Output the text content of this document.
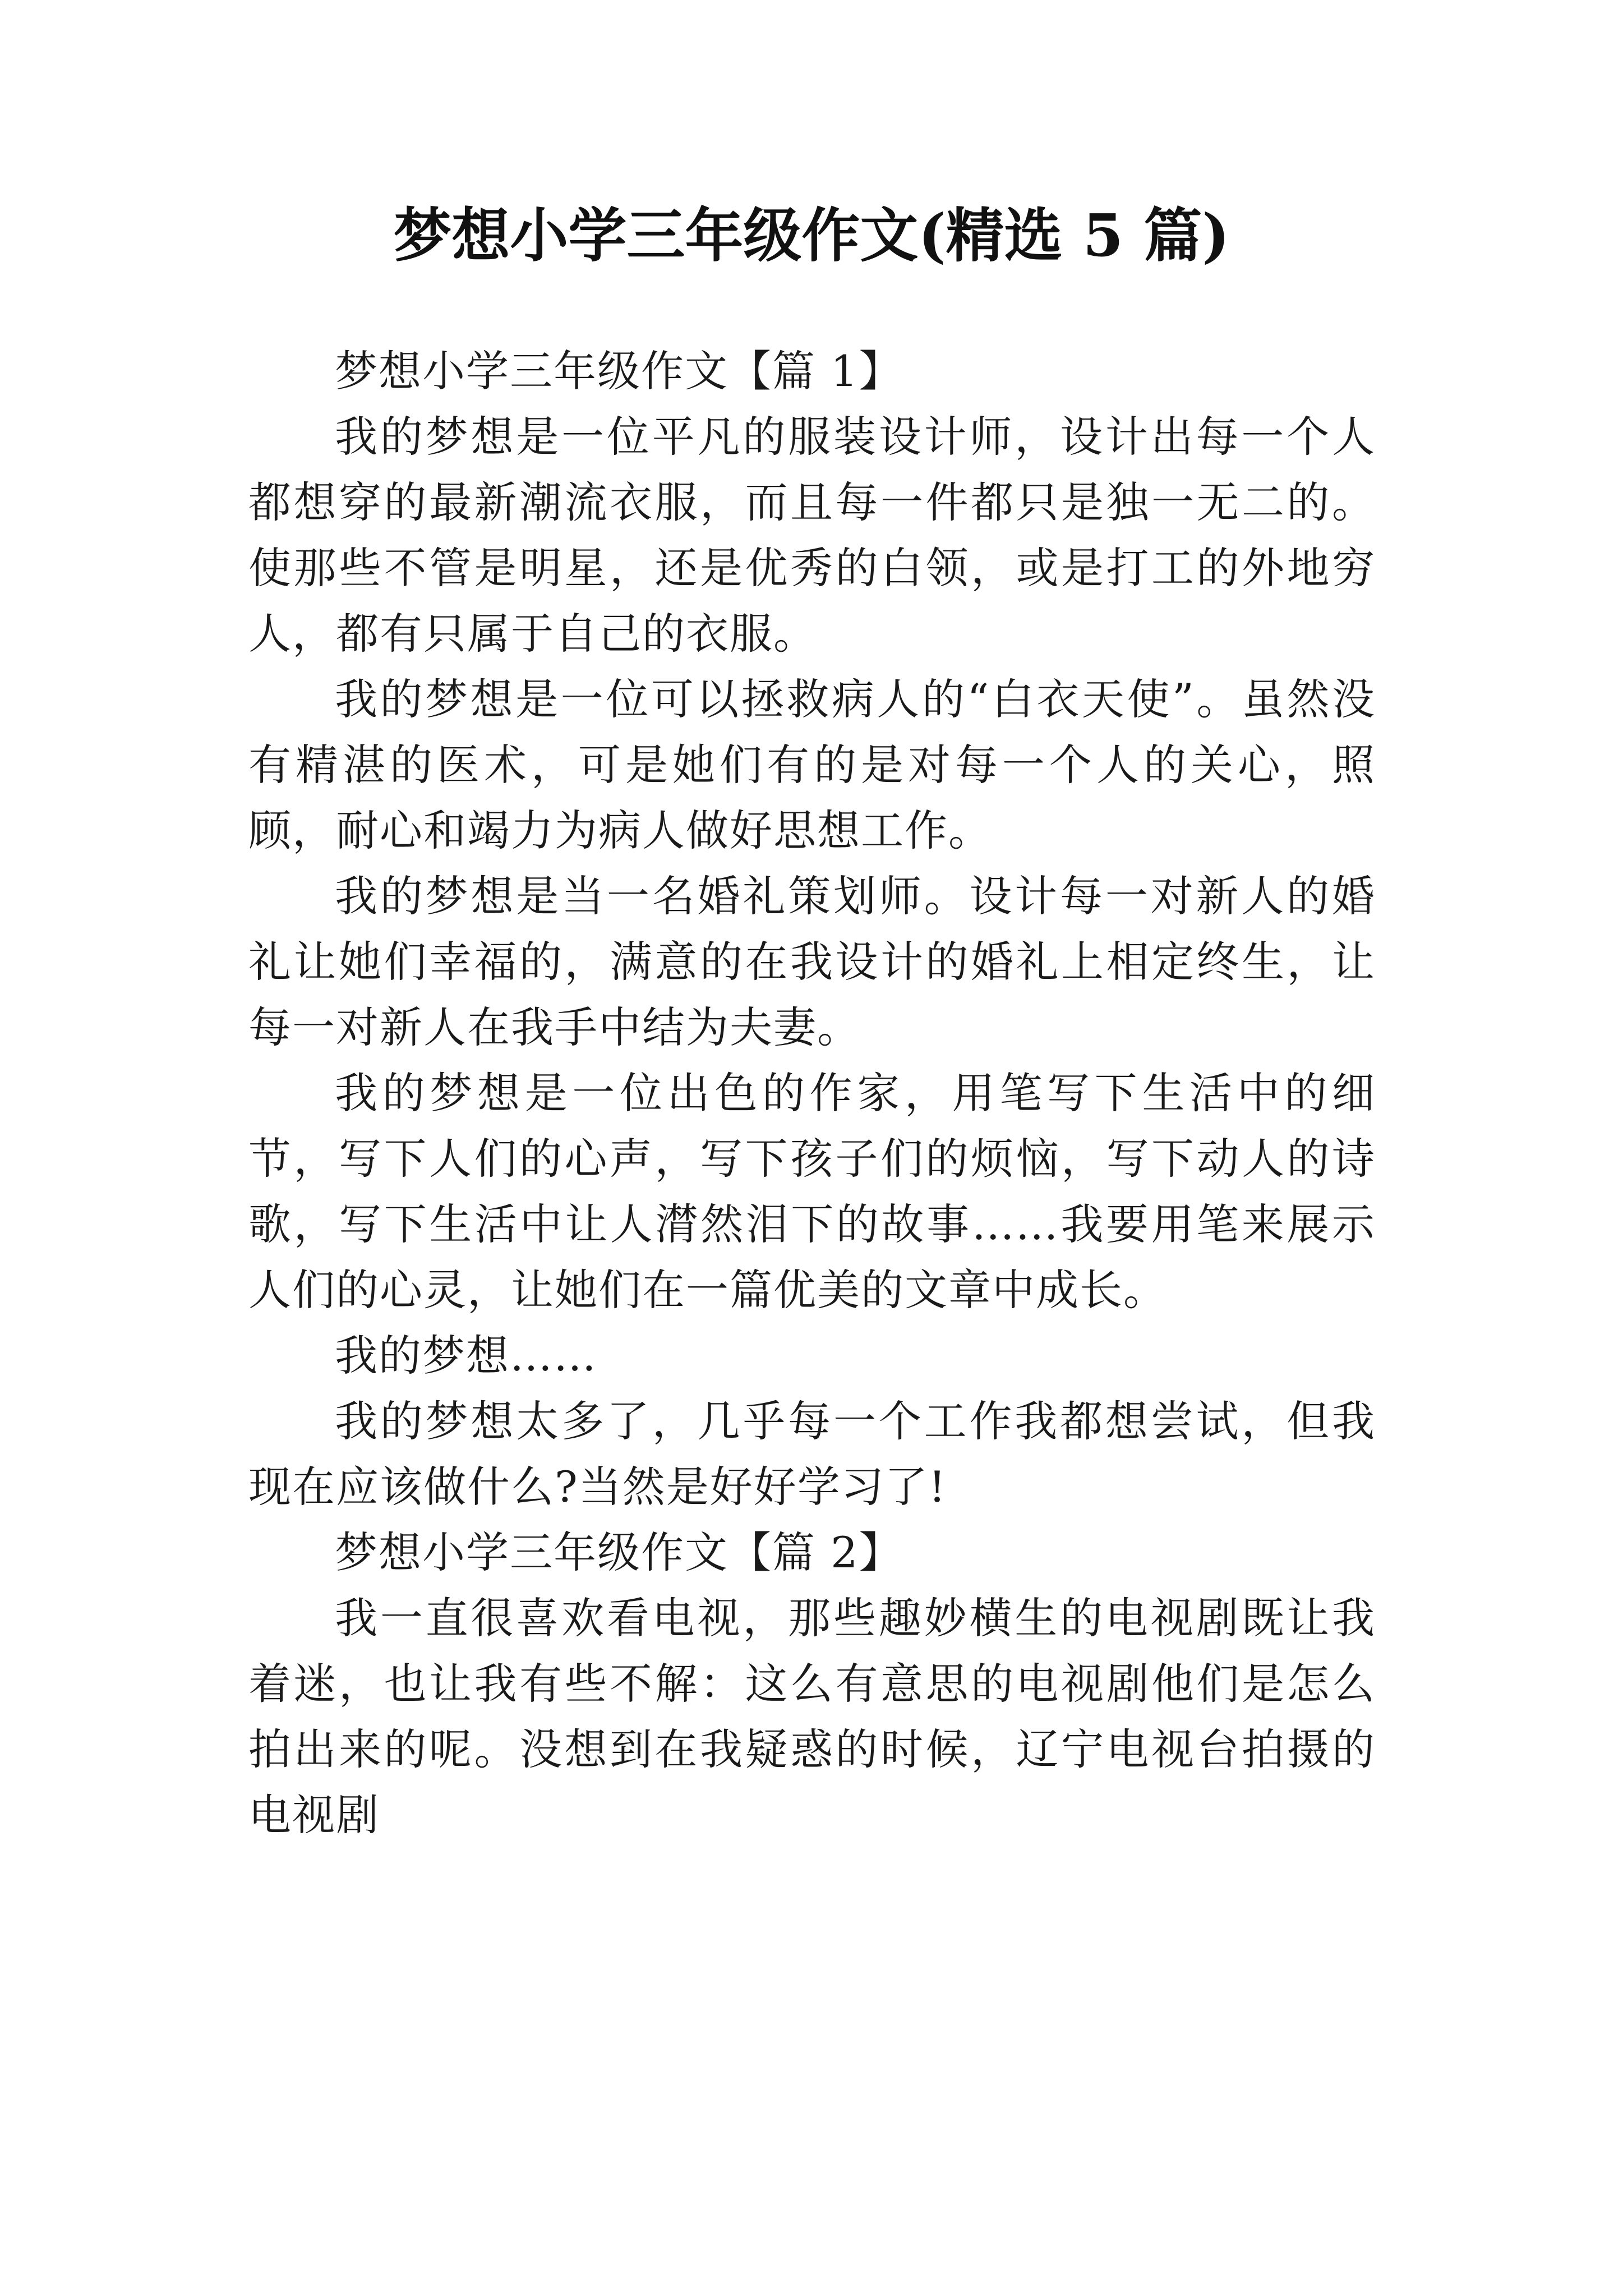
梦想小学三年级作文(精选 5 篇)

梦想小学三年级作文【篇 1】

我的梦想是一位平凡的服装设计师，设计出每一个人都想穿的最新潮流衣服，而且每一件都只是独一无二的。使那些不管是明星，还是优秀的白领，或是打工的外地穷人，都有只属于自己的衣服。

我的梦想是一位可以拯救病人的“白衣天使”。虽然没有精湛的医术，可是她们有的是对每一个人的关心，照顾，耐心和竭力为病人做好思想工作。

我的梦想是当一名婚礼策划师。设计每一对新人的婚礼让她们幸福的，满意的在我设计的婚礼上相定终生，让每一对新人在我手中结为夫妻。

我的梦想是一位出色的作家，用笔写下生活中的细节，写下人们的心声，写下孩子们的烦恼，写下动人的诗歌，写下生活中让人潸然泪下的故事……我要用笔来展示人们的心灵，让她们在一篇优美的文章中成长。

我的梦想……

我的梦想太多了，几乎每一个工作我都想尝试，但我现在应该做什么?当然是好好学习了!

梦想小学三年级作文【篇 2】

我一直很喜欢看电视，那些趣妙横生的电视剧既让我着迷，也让我有些不解：这么有意思的电视剧他们是怎么拍出来的呢。没想到在我疑惑的时候，辽宁电视台拍摄的电视剧
